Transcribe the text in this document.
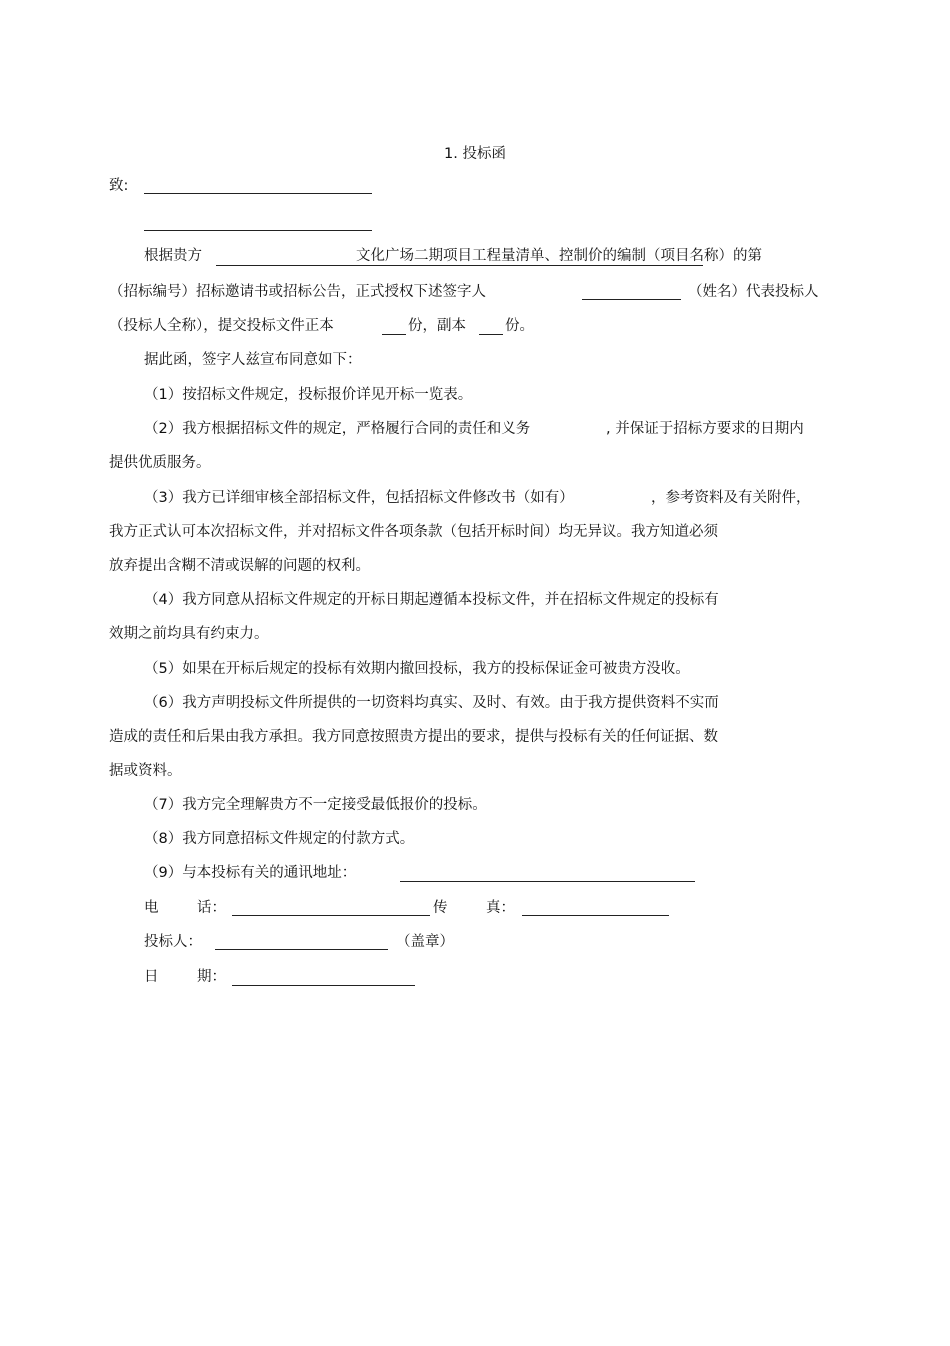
1. 投标函
致:
根据贵方	文化广场二期项目工程量清单、控制价的编制（项目名称）的第
（招标编号）招标邀请书或招标公告，正式授权下述签字人	（姓名）代表投标人
（投标人全称），提交投标文件正本	份，副本	份。
据此函，签字人兹宣布同意如下：
（1）按招标文件规定，投标报价详见开标一览表。
（2）我方根据招标文件的规定，严格履行合同的责任和义务	, 并保证于招标方要求的日期内
提供优质服务。
（3）我方已详细审核全部招标文件，包括招标文件修改书（如有）	，参考资料及有关附件，
我方正式认可本次招标文件，并对招标文件各项条款（包括开标时间）均无异议。我方知道必须
放弃提出含糊不清或误解的问题的权利。
（4）我方同意从招标文件规定的开标日期起遵循本投标文件，并在招标文件规定的投标有
效期之前均具有约束力。
（5）如果在开标后规定的投标有效期内撤回投标，我方的投标保证金可被贵方没收。
（6）我方声明投标文件所提供的一切资料均真实、及时、有效。由于我方提供资料不实而
造成的责任和后果由我方承担。我方同意按照贵方提出的要求，提供与投标有关的任何证据、数
据或资料。
（7）我方完全理解贵方不一定接受最低报价的投标。
（8）我方同意招标文件规定的付款方式。
（9）与本投标有关的通讯地址：
电	话：	传	真：
投标人：	（盖章）
日	期：
